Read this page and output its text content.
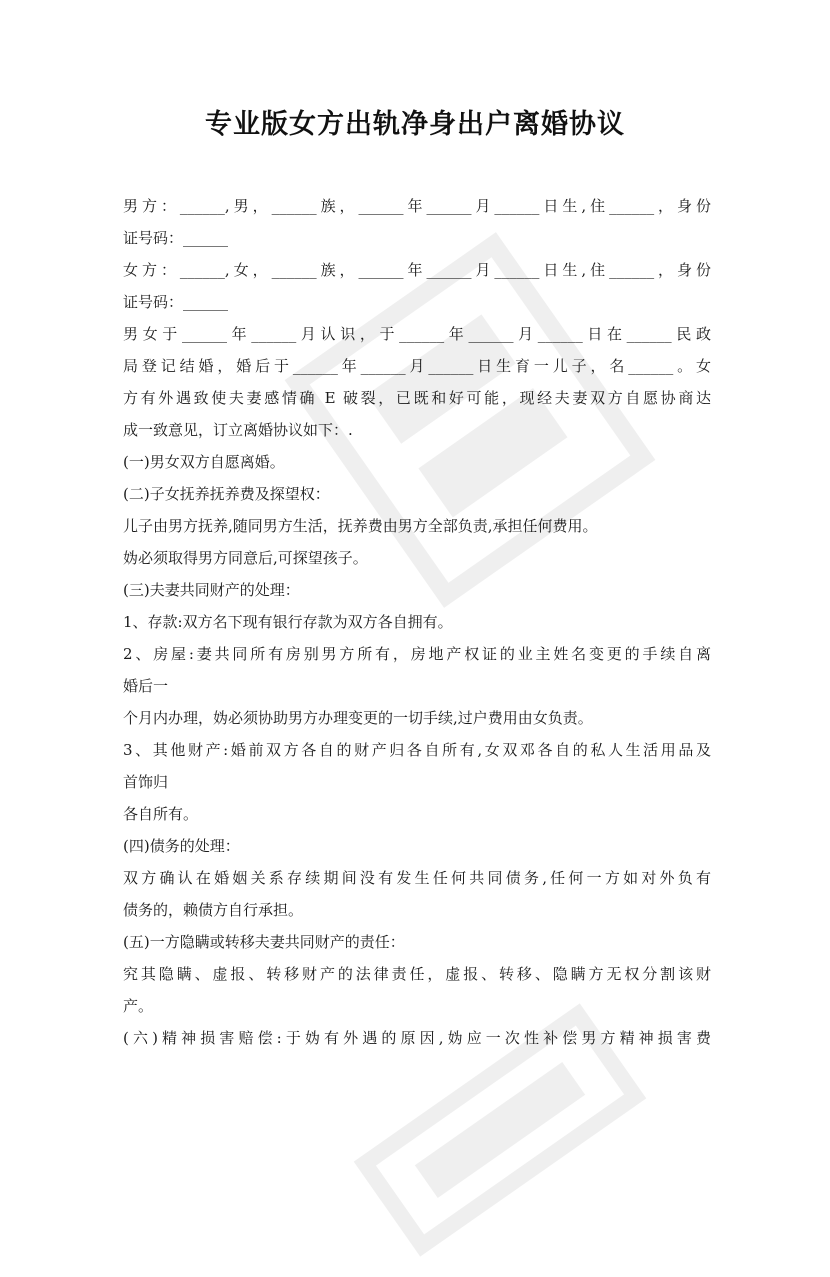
专业版女方出轨净身出户离婚协议
男方：______,男，______族，______年______月______日生,住______，身份
证号码：______
女方：______,女，______族，______年______月______日生,住______，身份
证号码：______
男女于______年______月认识，于______年______月______日在______民政
局登记结婚，婚后于______年______月______日生育一儿子，名______。女
方有外遇致使夫妻感情确 E 破裂，已既和好可能，现经夫妻双方自愿协商达
成一致意见，订立离婚协议如下：.
(一)男女双方自愿离婚。
(二)子女抚养抚养费及探望权：
儿子由男方抚养,随同男方生活，抚养费由男方全部负责,承担任何费用。
妫必须取得男方同意后,可探望孩子。
(三)夫妻共同财产的处理：
1、存款:双方名下现有银行存款为双方各自拥有。
2、房屋:妻共同所有房别男方所有，房地产权证的业主姓名变更的手续自离
婚后一
个月内办理，妫必须协助男方办理变更的一切手续,过户费用由女负责。
3、其他财产:婚前双方各自的财产归各自所有,女双邓各自的私人生活用品及
首饰归
各自所有。
(四)债务的处理：
双方确认在婚姻关系存续期间没有发生任何共同债务,任何一方如对外负有
债务的，赖债方自行承担。
(五)一方隐瞒或转移夫妻共同财产的责任：
究其隐瞒、虚报、转移财产的法律责任，虚报、转移、隐瞒方无权分割该财
产。
(六)精神损害赔偿:于妫有外遇的原因,妫应一次性补偿男方精神损害费
